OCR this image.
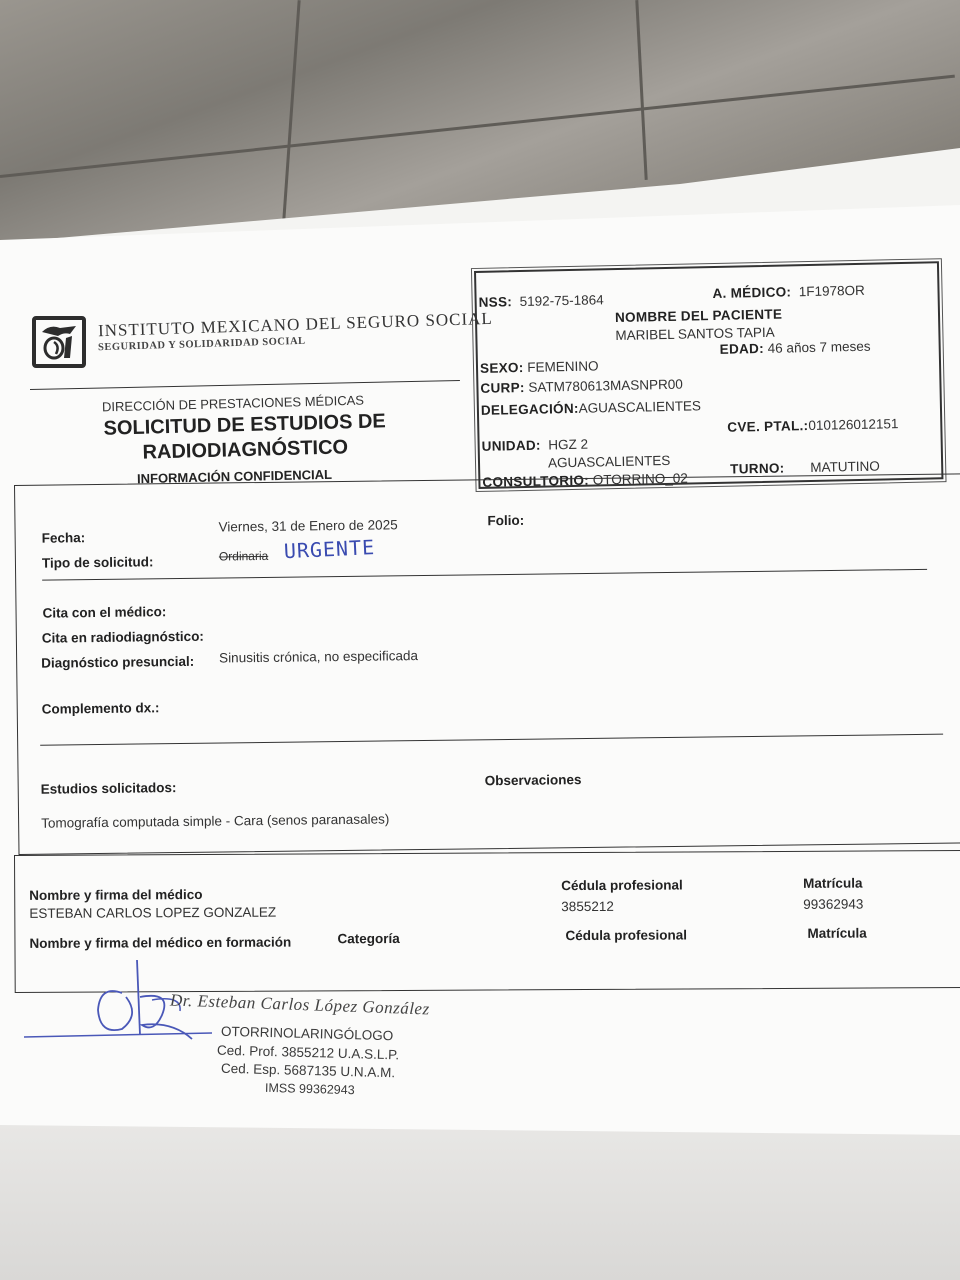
INSTITUTO MEXICANO DEL SEGURO SOCIAL
SEGURIDAD Y SOLIDARIDAD SOCIAL
DIRECCIÓN DE PRESTACIONES MÉDICAS
SOLICITUD DE ESTUDIOS DE
RADIODIAGNÓSTICO
INFORMACIÓN CONFIDENCIAL
NSS: 5192-75-1864	A. MÉDICO: 1F1978OR
NOMBRE DEL PACIENTE
MARIBEL SANTOS TAPIA
EDAD: 46 años 7 meses
SEXO: FEMENINO
CURP: SATM780613MASNPR00
DELEGACIÓN:AGUASCALIENTES
UNIDAD: HGZ 2
AGUASCALIENTES
CVE. PTAL.:010126012151
CONSULTORIO: OTORRINO_02
TURNO: MATUTINO
Fecha:
Viernes, 31 de Enero de 2025	Folio:
Tipo de solicitud:	Ordinaria URGENTE
Cita con el médico:
Cita en radiodiagnóstico:
Diagnóstico presuncial: Sinusitis crónica, no especificada
Complemento dx.:
Estudios solicitados:	Observaciones
Tomografía computada simple - Cara (senos paranasales)
Nombre y firma del médico
ESTEBAN CARLOS LOPEZ GONZALEZ
Cédula profesional
3855212
Matrícula
99362943
Nombre y firma del médico en formación	Categoría	Cédula profesional	Matrícula
Dr. Esteban Carlos López González
OTORRINOLARINGÓLOGO
Ced. Prof. 3855212 U.A.S.L.P.
Ced. Esp. 5687135 U.N.A.M.
IMSS 99362943
